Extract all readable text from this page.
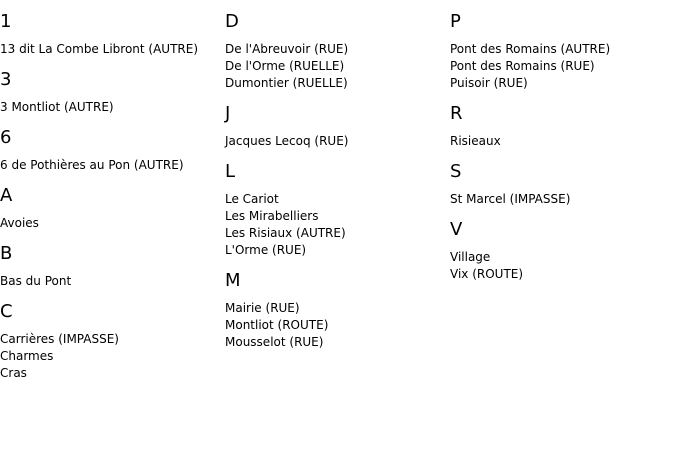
1
13 dit La Combe Libront (AUTRE)
3
3 Montliot (AUTRE)
6
6 de Pothières au Pon (AUTRE)
A
Avoies
B
Bas du Pont
C
Carrières (IMPASSE)
Charmes
Cras
D
De l'Abreuvoir (RUE)
De l'Orme (RUELLE)
Dumontier (RUELLE)
J
Jacques Lecoq (RUE)
L
Le Cariot
Les Mirabelliers
Les Risiaux (AUTRE)
L'Orme (RUE)
M
Mairie (RUE)
Montliot (ROUTE)
Mousselot (RUE)
P
Pont des Romains (AUTRE)
Pont des Romains (RUE)
Puisoir (RUE)
R
Risieaux
S
St Marcel (IMPASSE)
V
Village
Vix (ROUTE)
